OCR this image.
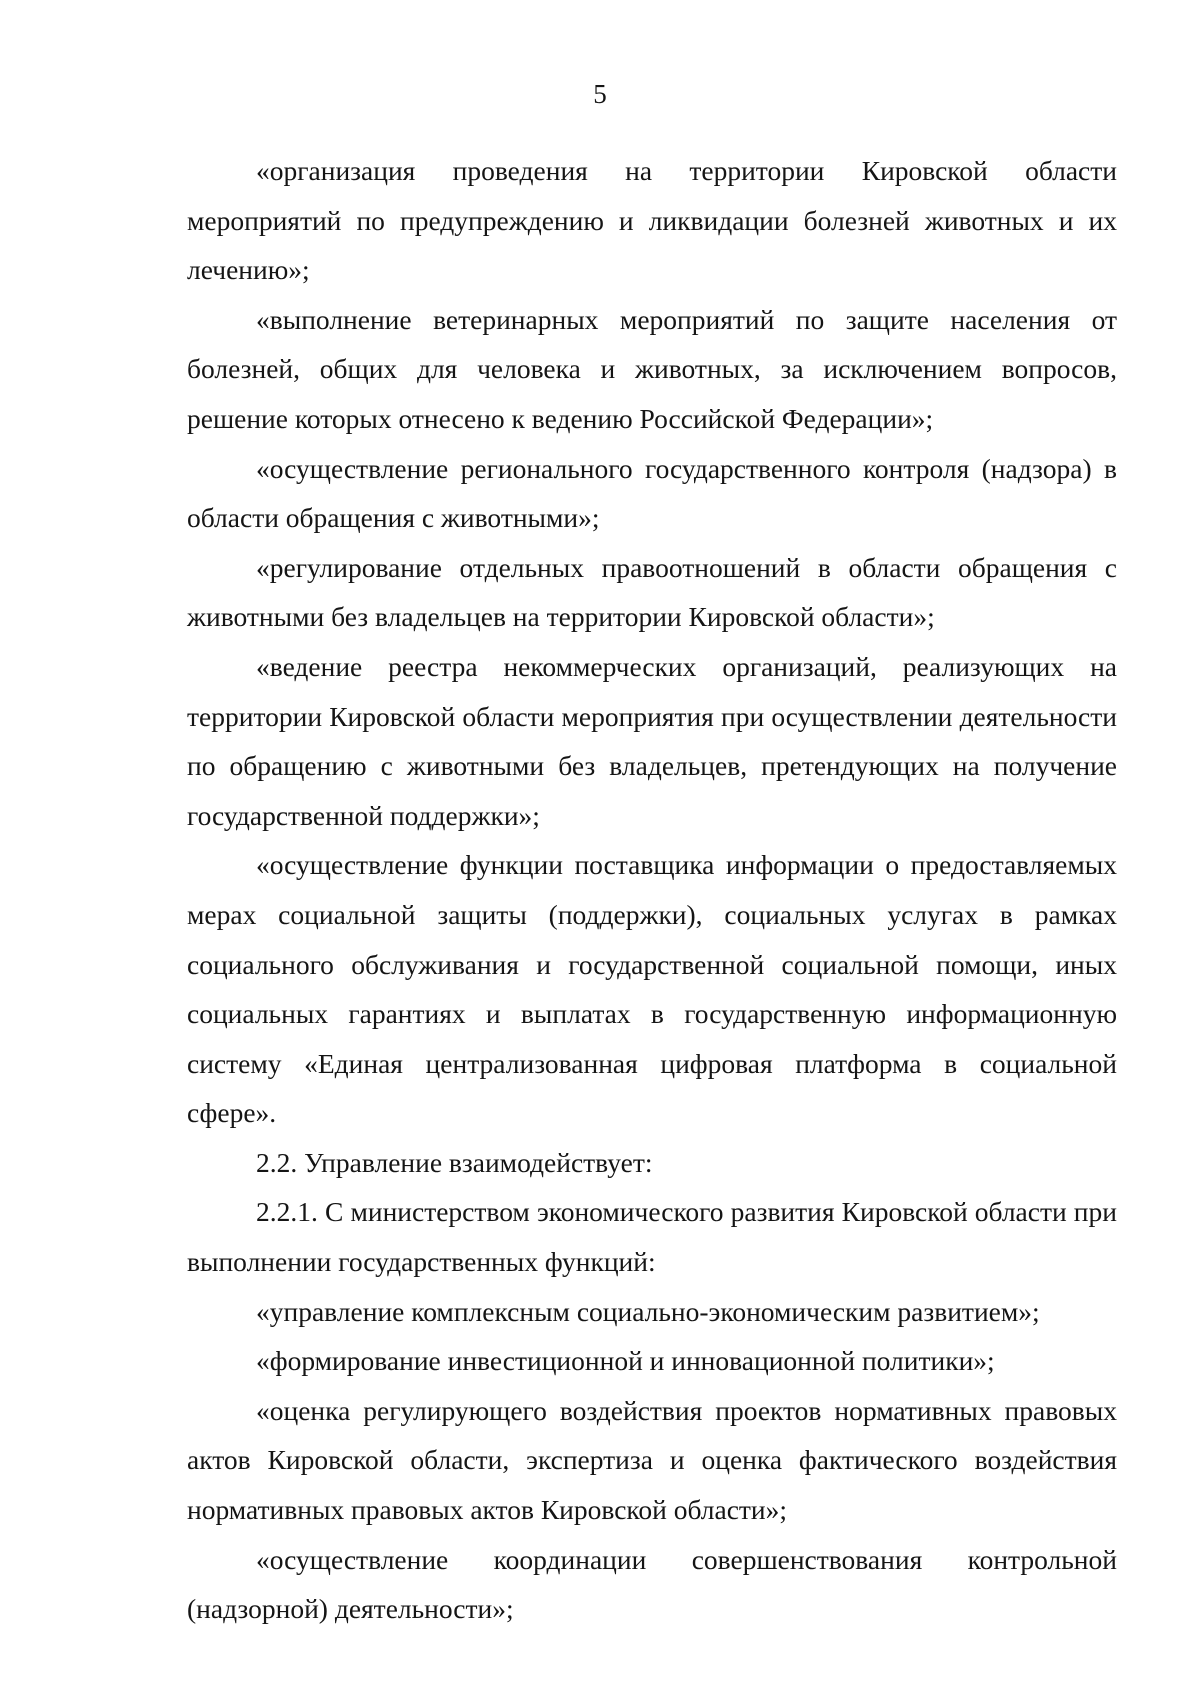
5

«организация проведения на территории Кировской области мероприятий по предупреждению и ликвидации болезней животных и их лечению»;

«выполнение ветеринарных мероприятий по защите населения от болезней, общих для человека и животных, за исключением вопросов, решение которых отнесено к ведению Российской Федерации»;

«осуществление регионального государственного контроля (надзора) в области обращения с животными»;

«регулирование отдельных правоотношений в области обращения с животными без владельцев на территории Кировской области»;

«ведение реестра некоммерческих организаций, реализующих на территории Кировской области мероприятия при осуществлении деятельности по обращению с животными без владельцев, претендующих на получение государственной поддержки»;

«осуществление функции поставщика информации о предоставляемых мерах социальной защиты (поддержки), социальных услугах в рамках социального обслуживания и государственной социальной помощи, иных социальных гарантиях и выплатах в государственную информационную систему «Единая централизованная цифровая платформа в социальной сфере».

2.2. Управление взаимодействует:

2.2.1. С министерством экономического развития Кировской области при выполнении государственных функций:

«управление комплексным социально-экономическим развитием»;

«формирование инвестиционной и инновационной политики»;

«оценка регулирующего воздействия проектов нормативных правовых актов Кировской области, экспертиза и оценка фактического воздействия нормативных правовых актов Кировской области»;

«осуществление координации совершенствования контрольной (надзорной) деятельности»;
